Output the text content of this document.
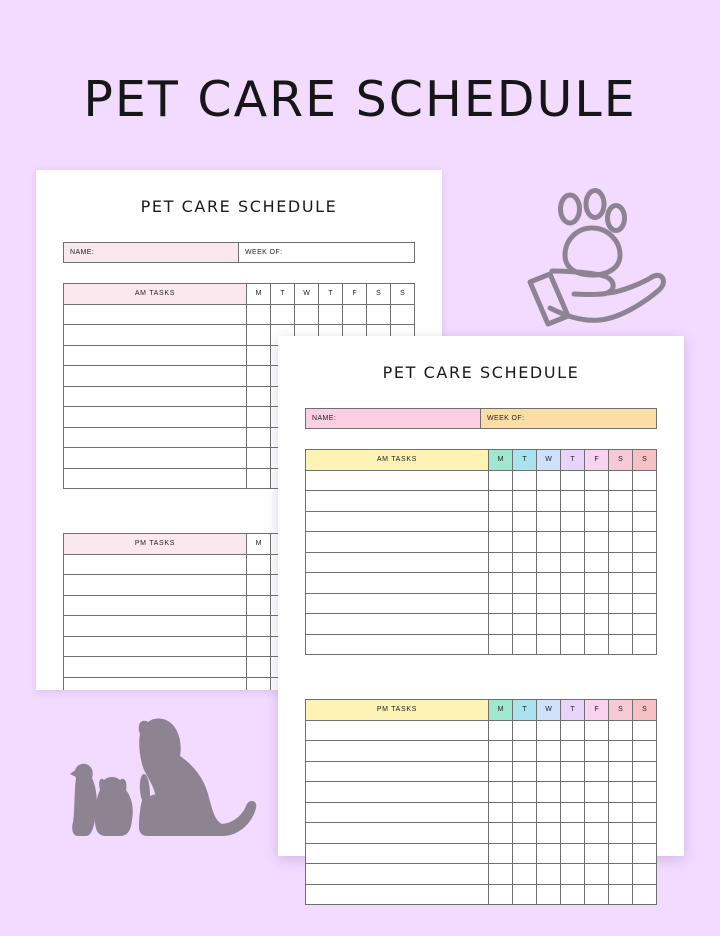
PET CARE SCHEDULE
PET CARE SCHEDULE
NAME:	WEEK OF:
AM TASKS	M	T	W	T	F	S	S

PM TASKS	M						

PET CARE SCHEDULE
NAME:	WEEK OF:
AM TASKS	M	T	W	T	F	S	S

PM TASKS	M	T	W	T	F	S	S
